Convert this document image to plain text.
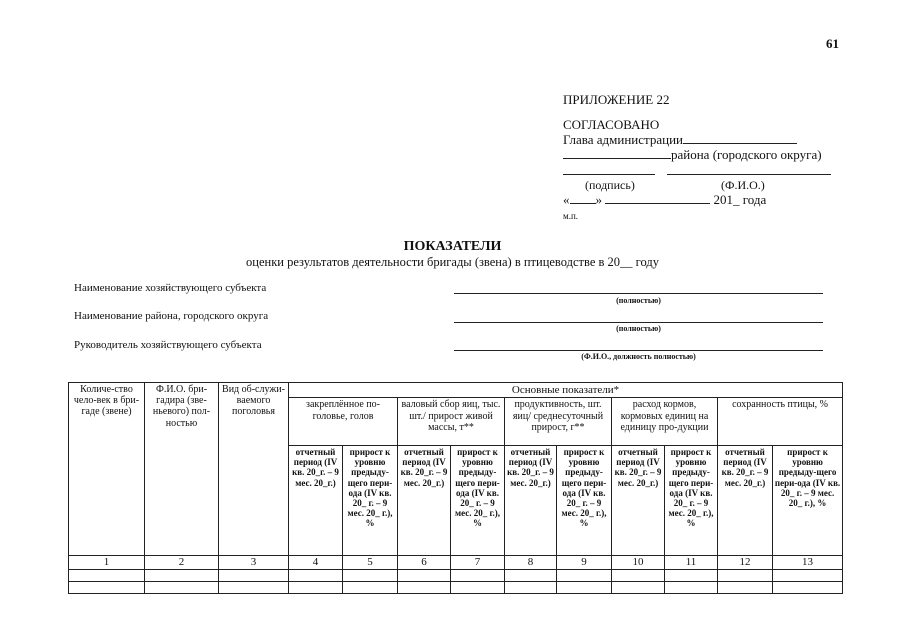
61
ПРИЛОЖЕНИЕ 22
СОГЛАСОВАНО
Глава администрации
района (городского округа)
(подпись)	(Ф.И.О.)
« »	201_ года
м.п.
ПОКАЗАТЕЛИ
оценки результатов деятельности бригады (звена) в птицеводстве в 20__ году
Наименование хозяйствующего субъекта
(полностью)
Наименование района, городского округа
(полностью)
Руководитель хозяйствующего субъекта
(Ф.И.О., должность полностью)
Количе-ство чело-век в бри-гаде (звене)	Ф.И.О. бри-гадира (зве-ньевого) пол-ностью	Вид об-служи-ваемого поголовья	Основные показатели*									
			закреплённое по-головье, голов		валовый сбор яиц, тыс. шт./ прирост живой массы, т**		продуктивность, шт. яиц/ среднесуточный прирост, г**		расход кормов, кормовых единиц на единицу про-дукции		сохранность птицы, %	
			отчетный период (IV кв. 20_г. – 9 мес. 20_г.)	прирост к уровню предыду-щего пери-ода (IV кв. 20_ г. – 9 мес. 20_ г.), %	отчетный период (IV кв. 20_г. – 9 мес. 20_г.)	прирост к уровню предыду-щего пери-ода (IV кв. 20_ г. – 9 мес. 20_ г.), %	отчетный период (IV кв. 20_г. – 9 мес. 20_г.)	прирост к уровню предыду-щего пери-ода (IV кв. 20_ г. – 9 мес. 20_ г.), %	отчетный период (IV кв. 20_г. – 9 мес. 20_г.)	прирост к уровню предыду-щего пери-ода (IV кв. 20_ г. – 9 мес. 20_ г.), %	отчетный период (IV кв. 20_г. – 9 мес. 20_г.)	прирост к уровню предыду-щего пери-ода (IV кв. 20_ г. – 9 мес. 20_ г.), %
1	2	3	4	5	6	7	8	9	10	11	12	13
